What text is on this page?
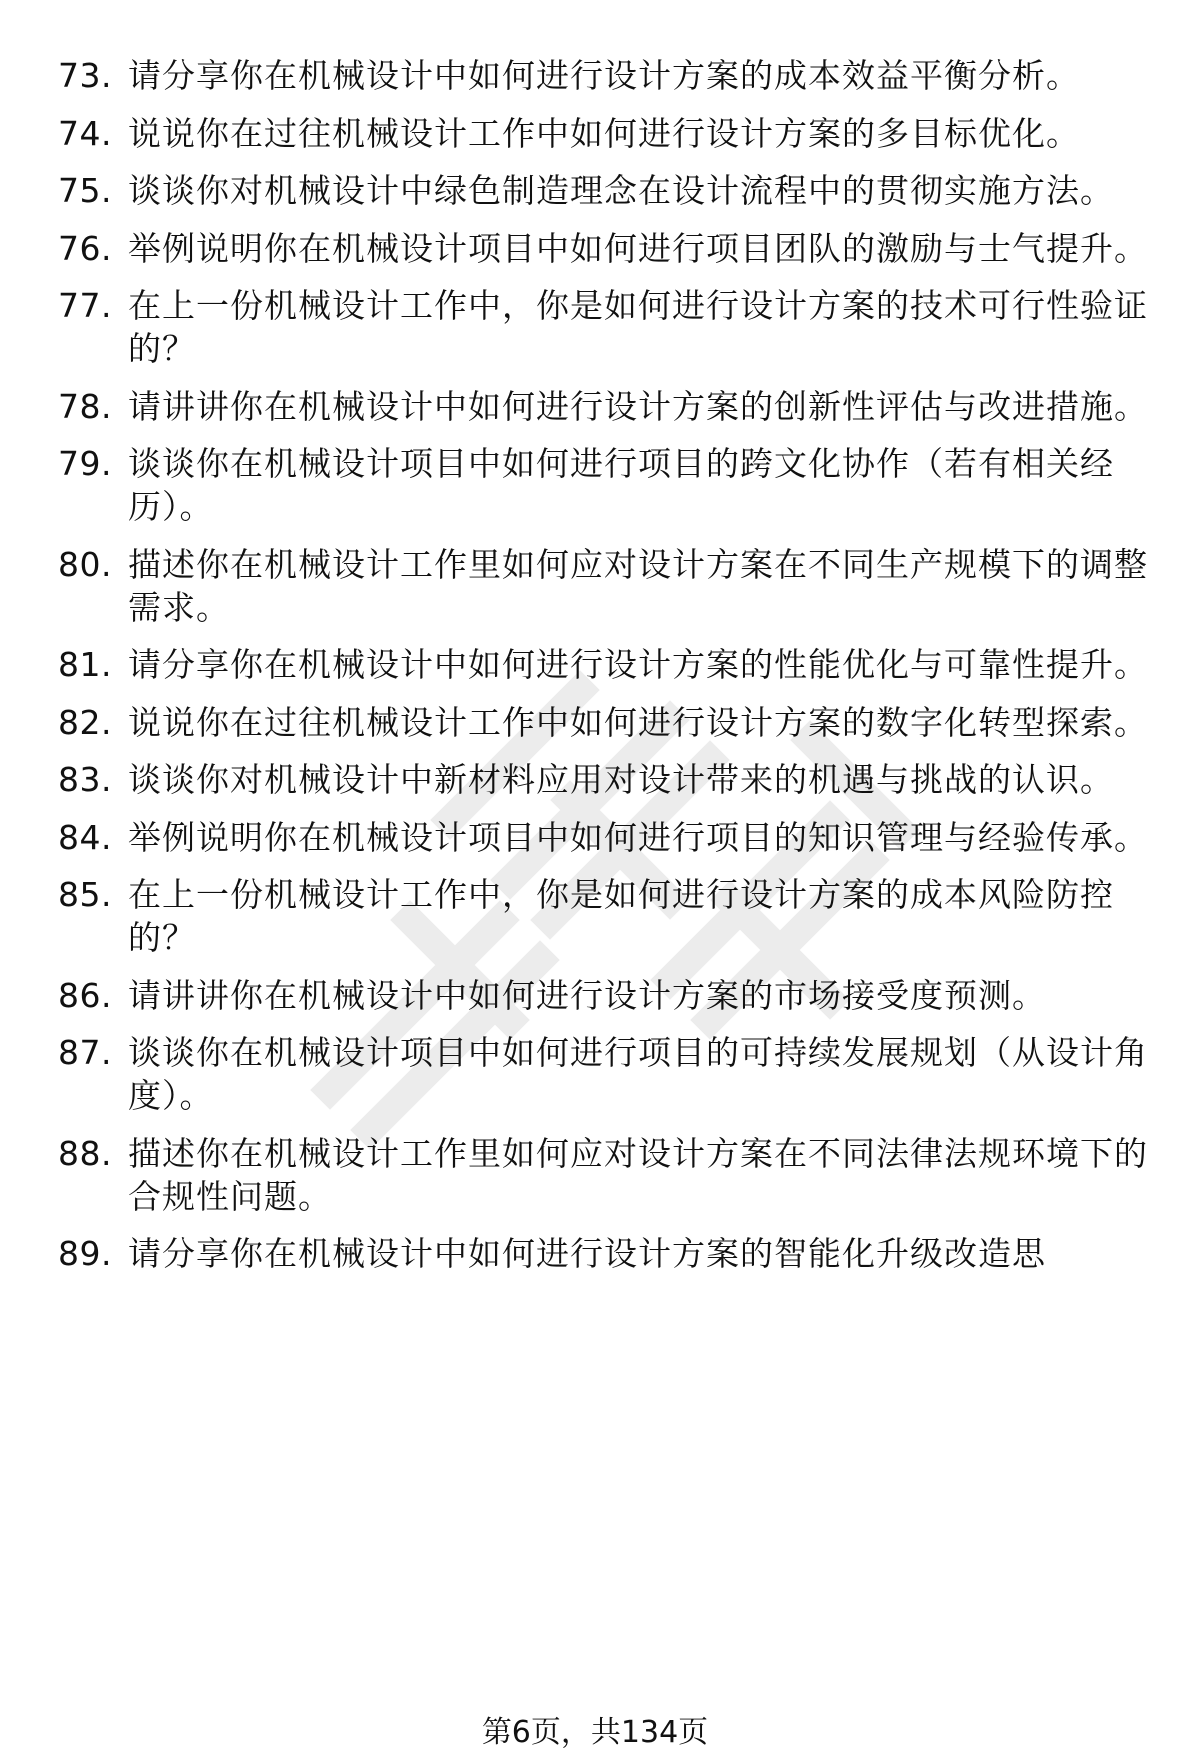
73. 请分享你在机械设计中如何进行设计方案的成本效益平衡分析。
74. 说说你在过往机械设计工作中如何进行设计方案的多目标优化。
75. 谈谈你对机械设计中绿色制造理念在设计流程中的贯彻实施方法。
76. 举例说明你在机械设计项目中如何进行项目团队的激励与士气提升。
77. 在上一份机械设计工作中，你是如何进行设计方案的技术可行性验证的？
78. 请讲讲你在机械设计中如何进行设计方案的创新性评估与改进措施。
79. 谈谈你在机械设计项目中如何进行项目的跨文化协作（若有相关经历）。
80. 描述你在机械设计工作里如何应对设计方案在不同生产规模下的调整需求。
81. 请分享你在机械设计中如何进行设计方案的性能优化与可靠性提升。
82. 说说你在过往机械设计工作中如何进行设计方案的数字化转型探索。
83. 谈谈你对机械设计中新材料应用对设计带来的机遇与挑战的认识。
84. 举例说明你在机械设计项目中如何进行项目的知识管理与经验传承。
85. 在上一份机械设计工作中，你是如何进行设计方案的成本风险防控的？
86. 请讲讲你在机械设计中如何进行设计方案的市场接受度预测。
87. 谈谈你在机械设计项目中如何进行项目的可持续发展规划（从设计角度）。
88. 描述你在机械设计工作里如何应对设计方案在不同法律法规环境下的合规性问题。
89. 请分享你在机械设计中如何进行设计方案的智能化升级改造思
第6页，共134页
